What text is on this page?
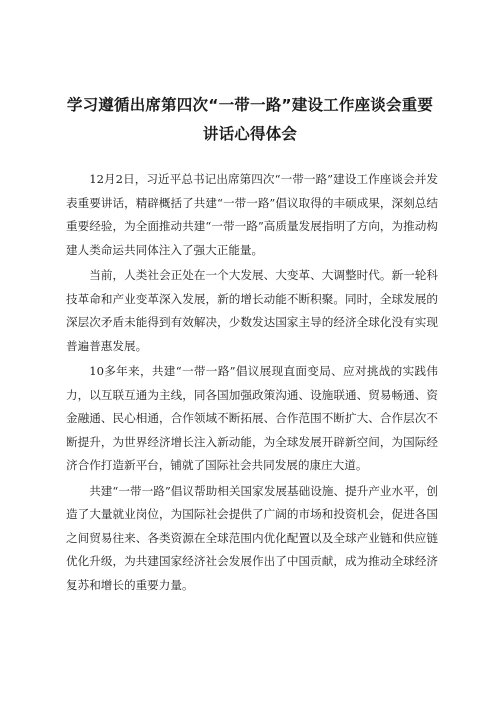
学习遵循出席第四次“一带一路”建设工作座谈会重要
讲话心得体会

12月2日，习近平总书记出席第四次“一带一路”建设工作座谈会并发表重要讲话，精辟概括了共建“一带一路”倡议取得的丰硕成果，深刻总结重要经验，为全面推动共建“一带一路”高质量发展指明了方向，为推动构建人类命运共同体注入了强大正能量。

当前，人类社会正处在一个大发展、大变革、大调整时代。新一轮科技革命和产业变革深入发展，新的增长动能不断积聚。同时，全球发展的深层次矛盾未能得到有效解决，少数发达国家主导的经济全球化没有实现普遍普惠发展。

10多年来，共建“一带一路”倡议展现直面变局、应对挑战的实践伟力，以互联互通为主线，同各国加强政策沟通、设施联通、贸易畅通、资金融通、民心相通，合作领域不断拓展、合作范围不断扩大、合作层次不断提升，为世界经济增长注入新动能，为全球发展开辟新空间，为国际经济合作打造新平台，铺就了国际社会共同发展的康庄大道。

共建“一带一路”倡议帮助相关国家发展基础设施、提升产业水平，创造了大量就业岗位，为国际社会提供了广阔的市场和投资机会，促进各国之间贸易往来、各类资源在全球范围内优化配置以及全球产业链和供应链优化升级，为共建国家经济社会发展作出了中国贡献，成为推动全球经济复苏和增长的重要力量。
